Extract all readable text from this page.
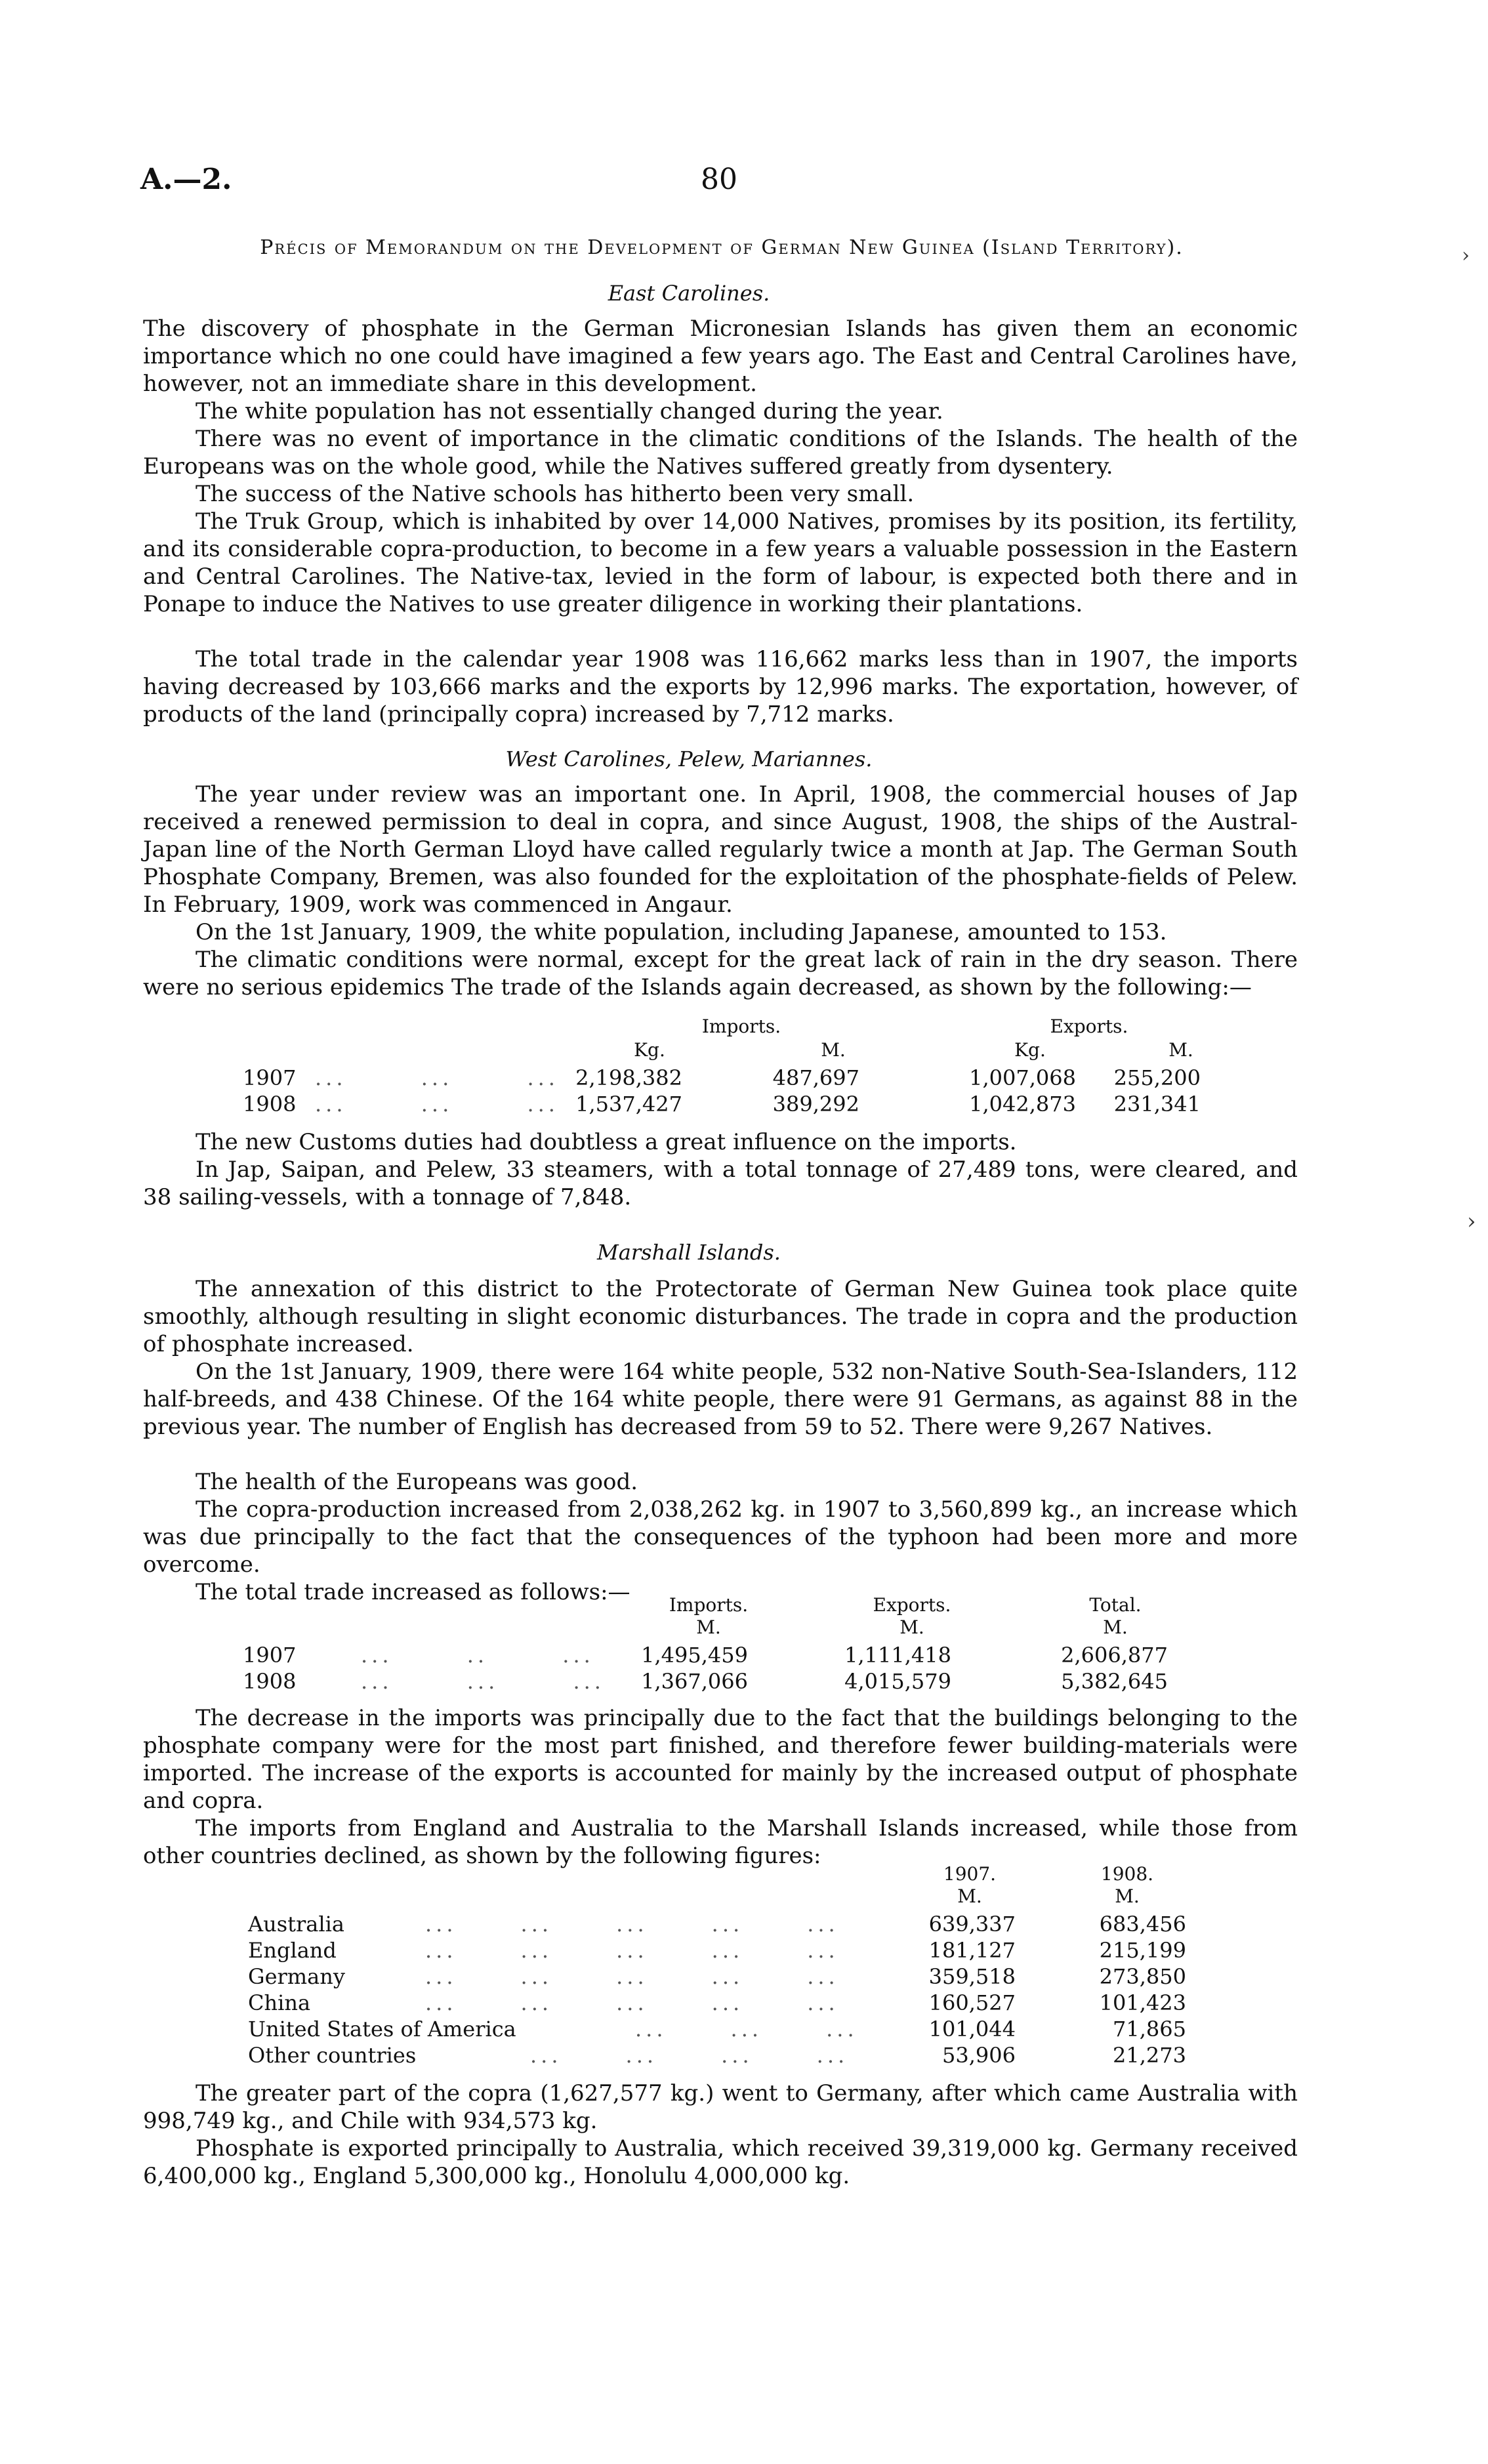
A.—2.	80
Précis of Memorandum on the Development of German New Guinea (Island Territory).
East Carolines.

The discovery of phosphate in the German Micronesian Islands has given them an economic importance which no one could have imagined a few years ago. The East and Central Carolines have, however, not an immediate share in this development.

The white population has not essentially changed during the year.

There was no event of importance in the climatic conditions of the Islands. The health of the Europeans was on the whole good, while the Natives suffered greatly from dysentery.

The success of the Native schools has hitherto been very small.

The Truk Group, which is inhabited by over 14,000 Natives, promises by its position, its fertility, and its considerable copra-production, to become in a few years a valuable possession in the Eastern and Central Carolines. The Native-tax, levied in the form of labour, is expected both there and in Ponape to induce the Natives to use greater diligence in working their plantations.

The total trade in the calendar year 1908 was 116,662 marks less than in 1907, the imports having decreased by 103,666 marks and the exports by 12,996 marks. The exportation, however, of products of the land (principally copra) increased by 7,712 marks.

West Carolines, Pelew, Mariannes.

The year under review was an important one. In April, 1908, the commercial houses of Jap received a renewed permission to deal in copra, and since August, 1908, the ships of the Austral-Japan line of the North German Lloyd have called regularly twice a month at Jap. The German South Phosphate Company, Bremen, was also founded for the exploitation of the phosphate-fields of Pelew. In February, 1909, work was commenced in Angaur.

On the 1st January, 1909, the white population, including Japanese, amounted to 153.

The climatic conditions were normal, except for the great lack of rain in the dry season. There were no serious epidemics The trade of the Islands again decreased, as shown by the following:—

Imports.	Exports.
Kg.	M.	Kg.	M.
1907 ...       ...       ... 2,198,382	487,697	1,007,068	255,200
1908 ...       ...       ... 1,537,427	389,292	1,042,873	231,341

The new Customs duties had doubtless a great influence on the imports.

In Jap, Saipan, and Pelew, 33 steamers, with a total tonnage of 27,489 tons, were cleared, and 38 sailing-vessels, with a tonnage of 7,848.

Marshall Islands.

The annexation of this district to the Protectorate of German New Guinea took place quite smoothly, although resulting in slight economic disturbances. The trade in copra and the production of phosphate increased.

On the 1st January, 1909, there were 164 white people, 532 non-Native South-Sea-Islanders, 112 half-breeds, and 438 Chinese. Of the 164 white people, there were 91 Germans, as against 88 in the previous year. The number of English has decreased from 59 to 52. There were 9,267 Natives.

The health of the Europeans was good.

The copra-production increased from 2,038,262 kg. in 1907 to 3,560,899 kg., an increase which was due principally to the fact that the consequences of the typhoon had been more and more overcome.

The total trade increased as follows:—	Imports.	Exports.	Total.
M.	M.	M.
1907	...       ..       ...	1,495,459	1,111,418	2,606,877
1908	...       ...       ...	1,367,066	4,015,579	5,382,645

The decrease in the imports was principally due to the fact that the buildings belonging to the phosphate company were for the most part finished, and therefore fewer building-materials were imported. The increase of the exports is accounted for mainly by the increased output of phosphate and copra.

The imports from England and Australia to the Marshall Islands increased, while those from other countries declined, as shown by the following figures:

1907.	1908.
M.	M.
Australia	...      ...      ...      ...      ...	639,337	683,456
England	...      ...      ...      ...      ...	181,127	215,199
Germany	...      ...      ...      ...      ...	359,518	273,850
China	...      ...      ...      ...      ...	160,527	101,423
United States of America	...      ...      ...	101,044	71,865
Other countries	...      ...      ...      ...	53,906	21,273

The greater part of the copra (1,627,577 kg.) went to Germany, after which came Australia with 998,749 kg., and Chile with 934,573 kg.

Phosphate is exported principally to Australia, which received 39,319,000 kg. Germany received 6,400,000 kg., England 5,300,000 kg., Honolulu 4,000,000 kg.

›
›
